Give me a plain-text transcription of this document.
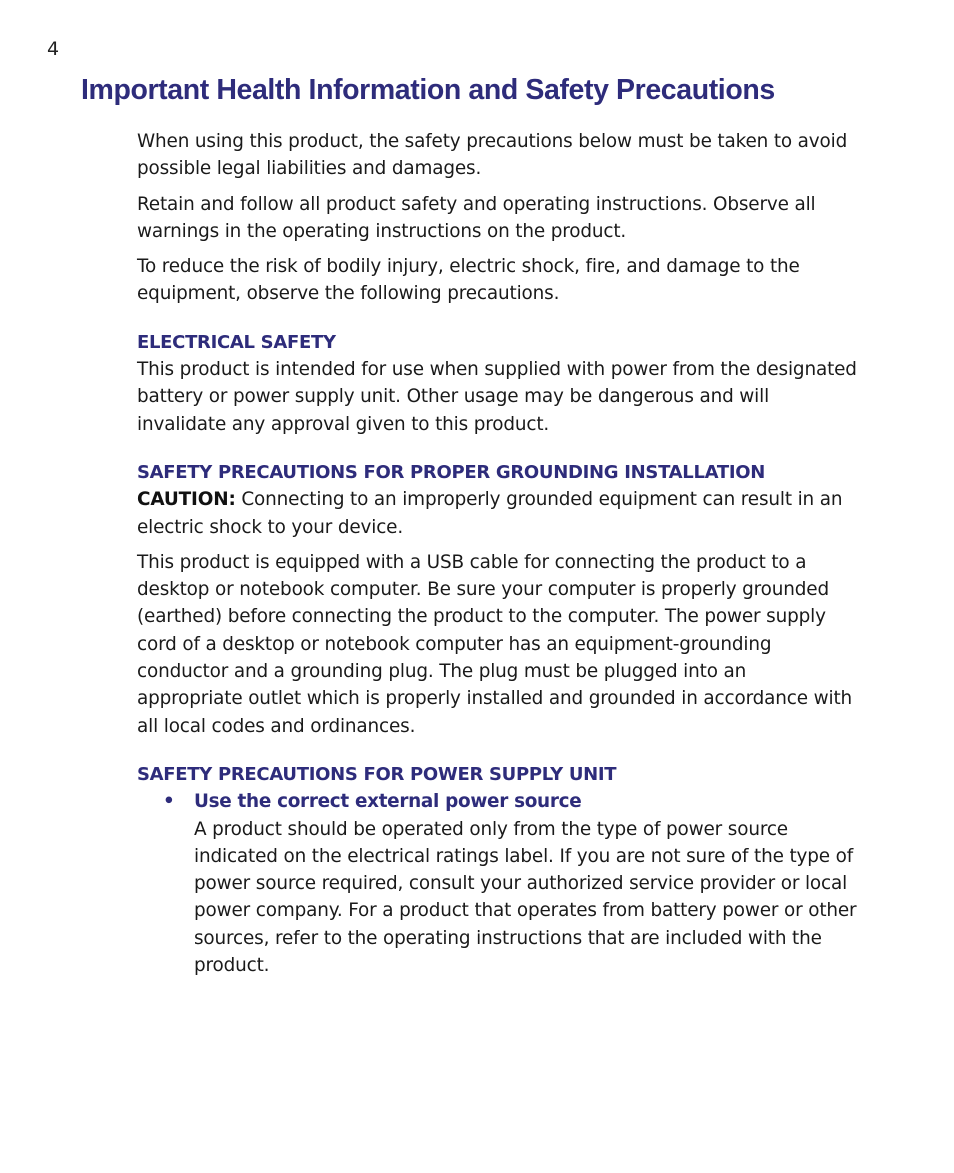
4
Important Health Information and Safety Precautions

When using this product, the safety precautions below must be taken to avoid possible legal liabilities and damages.

Retain and follow all product safety and operating instructions. Observe all warnings in the operating instructions on the product.

To reduce the risk of bodily injury, electric shock, fire, and damage to the equipment, observe the following precautions.

ELECTRICAL SAFETY

This product is intended for use when supplied with power from the designated battery or power supply unit. Other usage may be dangerous and will invalidate any approval given to this product.

SAFETY PRECAUTIONS FOR PROPER GROUNDING INSTALLATION

CAUTION: Connecting to an improperly grounded equipment can result in an electric shock to your device.

This product is equipped with a USB cable for connecting the product to a desktop or notebook computer. Be sure your computer is properly grounded (earthed) before connecting the product to the computer. The power supply cord of a desktop or notebook computer has an equipment-grounding conductor and a grounding plug. The plug must be plugged into an appropriate outlet which is properly installed and grounded in accordance with all local codes and ordinances.

SAFETY PRECAUTIONS FOR POWER SUPPLY UNIT
• Use the correct external power source

A product should be operated only from the type of power source indicated on the electrical ratings label. If you are not sure of the type of power source required, consult your authorized service provider or local power company. For a product that operates from battery power or other sources, refer to the operating instructions that are included with the product.
